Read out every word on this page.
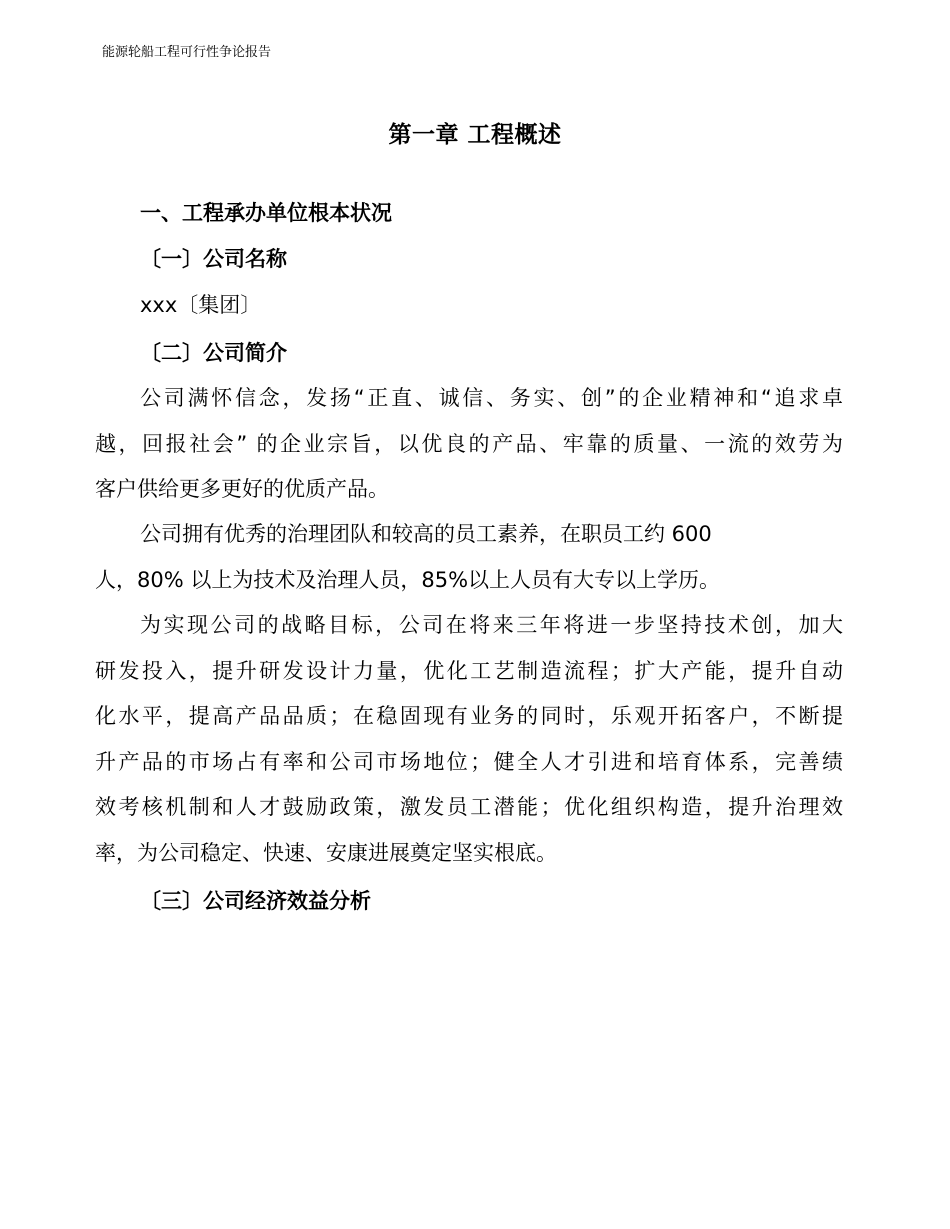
能源轮船工程可行性争论报告
第一章 工程概述
一、工程承办单位根本状况
〔一〕公司名称
xxx〔集团〕
〔二〕公司简介
公司满怀信念，发扬“正直、诚信、务实、创”的企业精神和“追求卓
越，回报社会” 的企业宗旨，以优良的产品、牢靠的质量、一流的效劳为
客户供给更多更好的优质产品。
公司拥有优秀的治理团队和较高的员工素养，在职员工约 600
人，80% 以上为技术及治理人员，85%以上人员有大专以上学历。
为实现公司的战略目标，公司在将来三年将进一步坚持技术创，加大
研发投入，提升研发设计力量，优化工艺制造流程；扩大产能，提升自动
化水平，提高产品品质；在稳固现有业务的同时，乐观开拓客户，不断提
升产品的市场占有率和公司市场地位；健全人才引进和培育体系，完善绩
效考核机制和人才鼓励政策，激发员工潜能；优化组织构造，提升治理效
率，为公司稳定、快速、安康进展奠定坚实根底。
〔三〕公司经济效益分析
